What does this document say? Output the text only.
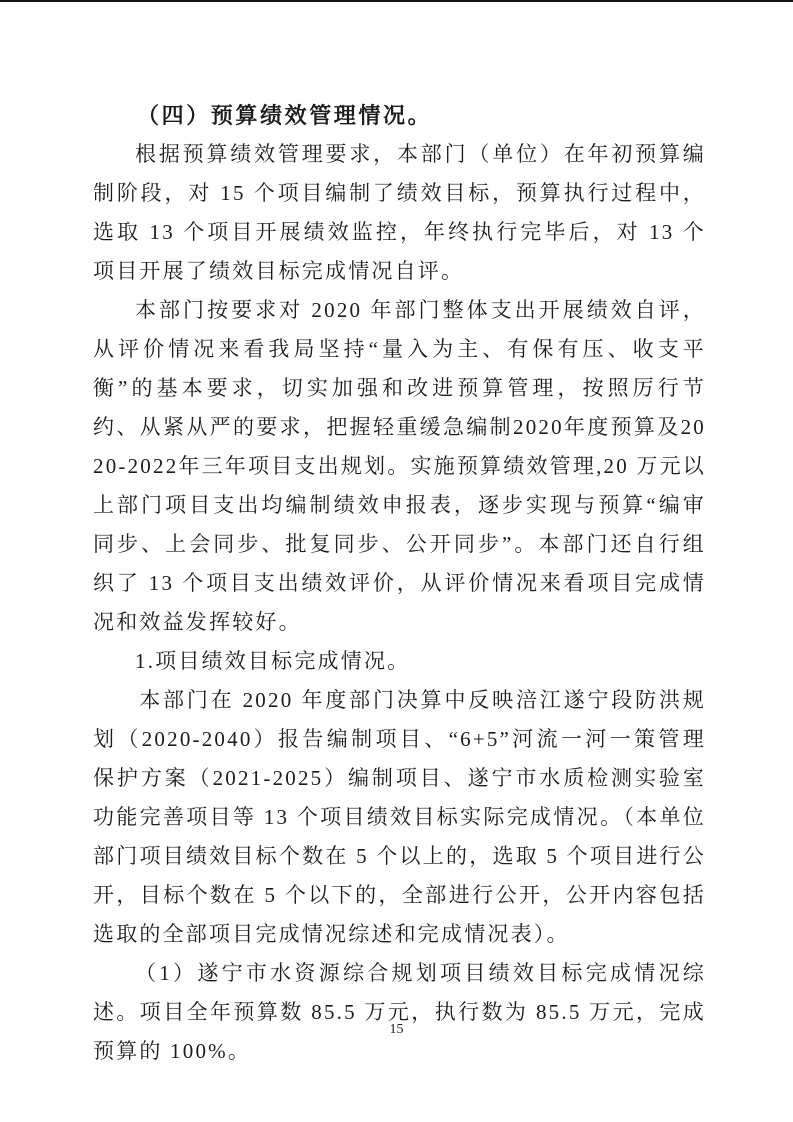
（四）预算绩效管理情况。

根据预算绩效管理要求，本部门（单位）在年初预算编制阶段，对 15 个项目编制了绩效目标，预算执行过程中，选取 13 个项目开展绩效监控，年终执行完毕后，对 13 个项目开展了绩效目标完成情况自评。

本部门按要求对 2020 年部门整体支出开展绩效自评，从评价情况来看我局坚持“量入为主、有保有压、收支平衡”的基本要求，切实加强和改进预算管理，按照厉行节约、从紧从严的要求，把握轻重缓急编制2020年度预算及2020-2022年三年项目支出规划。实施预算绩效管理,20 万元以上部门项目支出均编制绩效申报表，逐步实现与预算“编审同步、上会同步、批复同步、公开同步”。本部门还自行组织了 13 个项目支出绩效评价，从评价情况来看项目完成情况和效益发挥较好。

1.项目绩效目标完成情况。

本部门在 2020 年度部门决算中反映涪江遂宁段防洪规划（2020-2040）报告编制项目、“6+5”河流一河一策管理保护方案（2021-2025）编制项目、遂宁市水质检测实验室功能完善项目等 13 个项目绩效目标实际完成情况。（本单位部门项目绩效目标个数在 5 个以上的，选取 5 个项目进行公开，目标个数在 5 个以下的，全部进行公开，公开内容包括选取的全部项目完成情况综述和完成情况表）。

（1）遂宁市水资源综合规划项目绩效目标完成情况综述。项目全年预算数 85.5 万元，执行数为 85.5 万元，完成预算的 100%。

15
